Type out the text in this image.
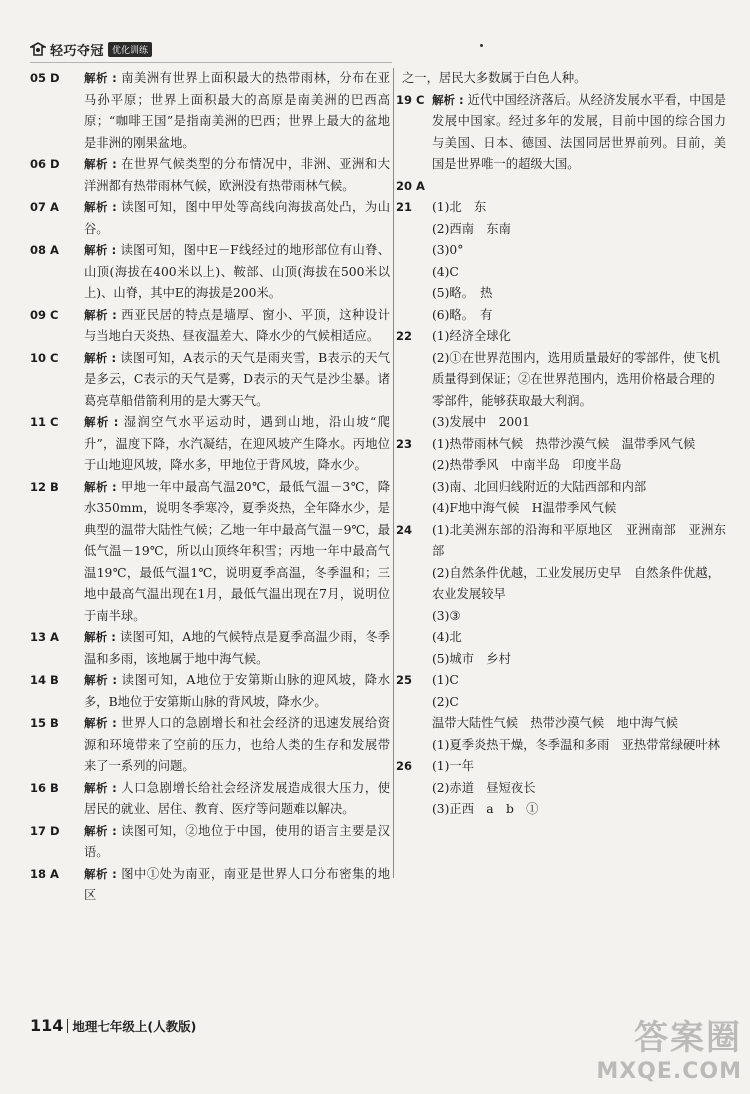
轻巧夺冠 优化训练
05 D	解析 : 南美洲有世界上面积最大的热带雨林，分布在亚马孙平原；世界上面积最大的高原是南美洲的巴西高原；“咖啡王国”是指南美洲的巴西；世界上最大的盆地是非洲的刚果盆地。
06 D	解析 : 在世界气候类型的分布情况中，非洲、亚洲和大洋洲都有热带雨林气候，欧洲没有热带雨林气候。
07 A	解析 : 读图可知，图中甲处等高线向海拔高处凸，为山谷。
08 A	解析 : 读图可知，图中E－F线经过的地形部位有山脊、山顶(海拔在400米以上)、鞍部、山顶(海拔在500米以上)、山脊，其中E的海拔是200米。
09 C	解析 : 西亚民居的特点是墙厚、窗小、平顶，这种设计与当地白天炎热、昼夜温差大、降水少的气候相适应。
10 C	解析 : 读图可知，A表示的天气是雨夹雪，B表示的天气是多云，C表示的天气是雾，D表示的天气是沙尘暴。诸葛亮草船借箭利用的是大雾天气。
11 C	解析 : 湿润空气水平运动时，遇到山地，沿山坡“爬升”，温度下降，水汽凝结，在迎风坡产生降水。丙地位于山地迎风坡，降水多，甲地位于背风坡，降水少。
12 B	解析 : 甲地一年中最高气温20℃，最低气温－3℃，降水350mm，说明冬季寒冷，夏季炎热，全年降水少，是典型的温带大陆性气候；乙地一年中最高气温－9℃，最低气温－19℃，所以山顶终年积雪；丙地一年中最高气温19℃，最低气温1℃，说明夏季高温，冬季温和；三地中最高气温出现在1月，最低气温出现在7月，说明位于南半球。
13 A	解析 : 读图可知，A地的气候特点是夏季高温少雨，冬季温和多雨，该地属于地中海气候。
14 B	解析 : 读图可知，A地位于安第斯山脉的迎风坡，降水多，B地位于安第斯山脉的背风坡，降水少。
15 B	解析 : 世界人口的急剧增长和社会经济的迅速发展给资源和环境带来了空前的压力，也给人类的生存和发展带来了一系列的问题。
16 B	解析 : 人口急剧增长给社会经济发展造成很大压力，使居民的就业、居住、教育、医疗等问题难以解决。
17 D	解析 : 读图可知，②地位于中国，使用的语言主要是汉语。
18 A	解析 : 图中①处为南亚，南亚是世界人口分布密集的地区
之一，居民大多数属于白色人种。
19 C 解析 : 近代中国经济落后。从经济发展水平看，中国是发展中国家。经过多年的发展，目前中国的综合国力与美国、日本、德国、法国同居世界前列。目前，美国是世界唯一的超级大国。
20 A
21	(1)北　东
(2)西南　东南
(3)0°
(4)C
(5)略。　热
(6)略。　有
22	(1)经济全球化
(2)①在世界范围内，选用质量最好的零部件，使飞机质量得到保证；②在世界范围内，选用价格最合理的零部件，能够获取最大利润。
(3)发展中　2001
23	(1)热带雨林气候　热带沙漠气候　温带季风气候
(2)热带季风　中南半岛　印度半岛
(3)南、北回归线附近的大陆西部和内部
(4)F地中海气候　H温带季风气候
24	(1)北美洲东部的沿海和平原地区　亚洲南部　亚洲东部
(2)自然条件优越，工业发展历史早　自然条件优越，农业发展较早
(3)③
(4)北
(5)城市　乡村
25	(1)C
(2)C
温带大陆性气候　热带沙漠气候　地中海气候
(1)夏季炎热干燥，冬季温和多雨　亚热带常绿硬叶林
26	(1)一年
(2)赤道　昼短夜长
(3)正西　a　b　①
114 地理七年级上(人教版)	答案圈
MXQE.COM
